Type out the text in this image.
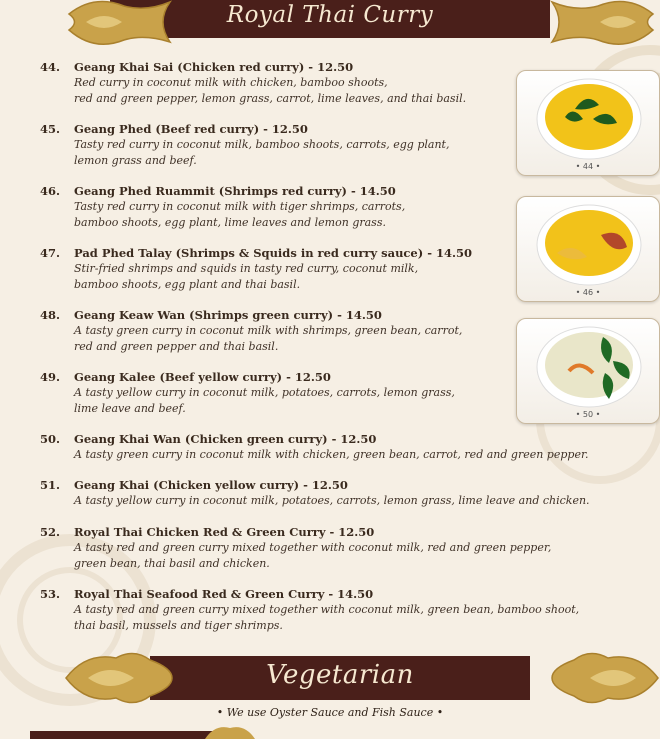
Royal Thai Curry
44. Geang Khai Sai (Chicken red curry) - 12.50
Red curry in coconut milk with chicken, bamboo shoots,
red and green pepper, lemon grass, carrot, lime leaves, and thai basil.
45. Geang Phed (Beef red curry) - 12.50
Tasty red curry in coconut milk, bamboo shoots, carrots, egg plant,
lemon grass and beef.
46. Geang Phed Ruammit (Shrimps red curry) - 14.50
Tasty red curry in coconut milk with tiger shrimps, carrots,
bamboo shoots, egg plant, lime leaves and lemon grass.
47. Pad Phed Talay (Shrimps & Squids in red curry sauce) - 14.50
Stir-fried shrimps and squids in tasty red curry, coconut milk,
bamboo shoots, egg plant and thai basil.
48. Geang Keaw Wan (Shrimps green curry) - 14.50
A tasty green curry in coconut milk with shrimps, green bean, carrot,
red and green pepper and thai basil.
49. Geang Kalee (Beef yellow curry) - 12.50
A tasty yellow curry in coconut milk, potatoes, carrots, lemon grass,
lime leave and beef.
50. Geang Khai Wan (Chicken green curry) - 12.50
A tasty green curry in coconut milk with chicken, green bean, carrot, red and green pepper.
51. Geang Khai (Chicken yellow curry) - 12.50
A tasty yellow curry in coconut milk, potatoes, carrots, lemon grass, lime leave and chicken.
52. Royal Thai Chicken Red & Green Curry - 12.50
A tasty red and green curry mixed together with coconut milk, red and green pepper,
green bean, thai basil and chicken.
53. Royal Thai Seafood Red & Green Curry - 14.50
A tasty red and green curry mixed together with coconut milk, green bean, bamboo shoot,
thai basil, mussels and tiger shrimps.
• 44 •
• 46 •
• 50 •
Vegetarian
• We use Oyster Sauce and Fish Sauce •
